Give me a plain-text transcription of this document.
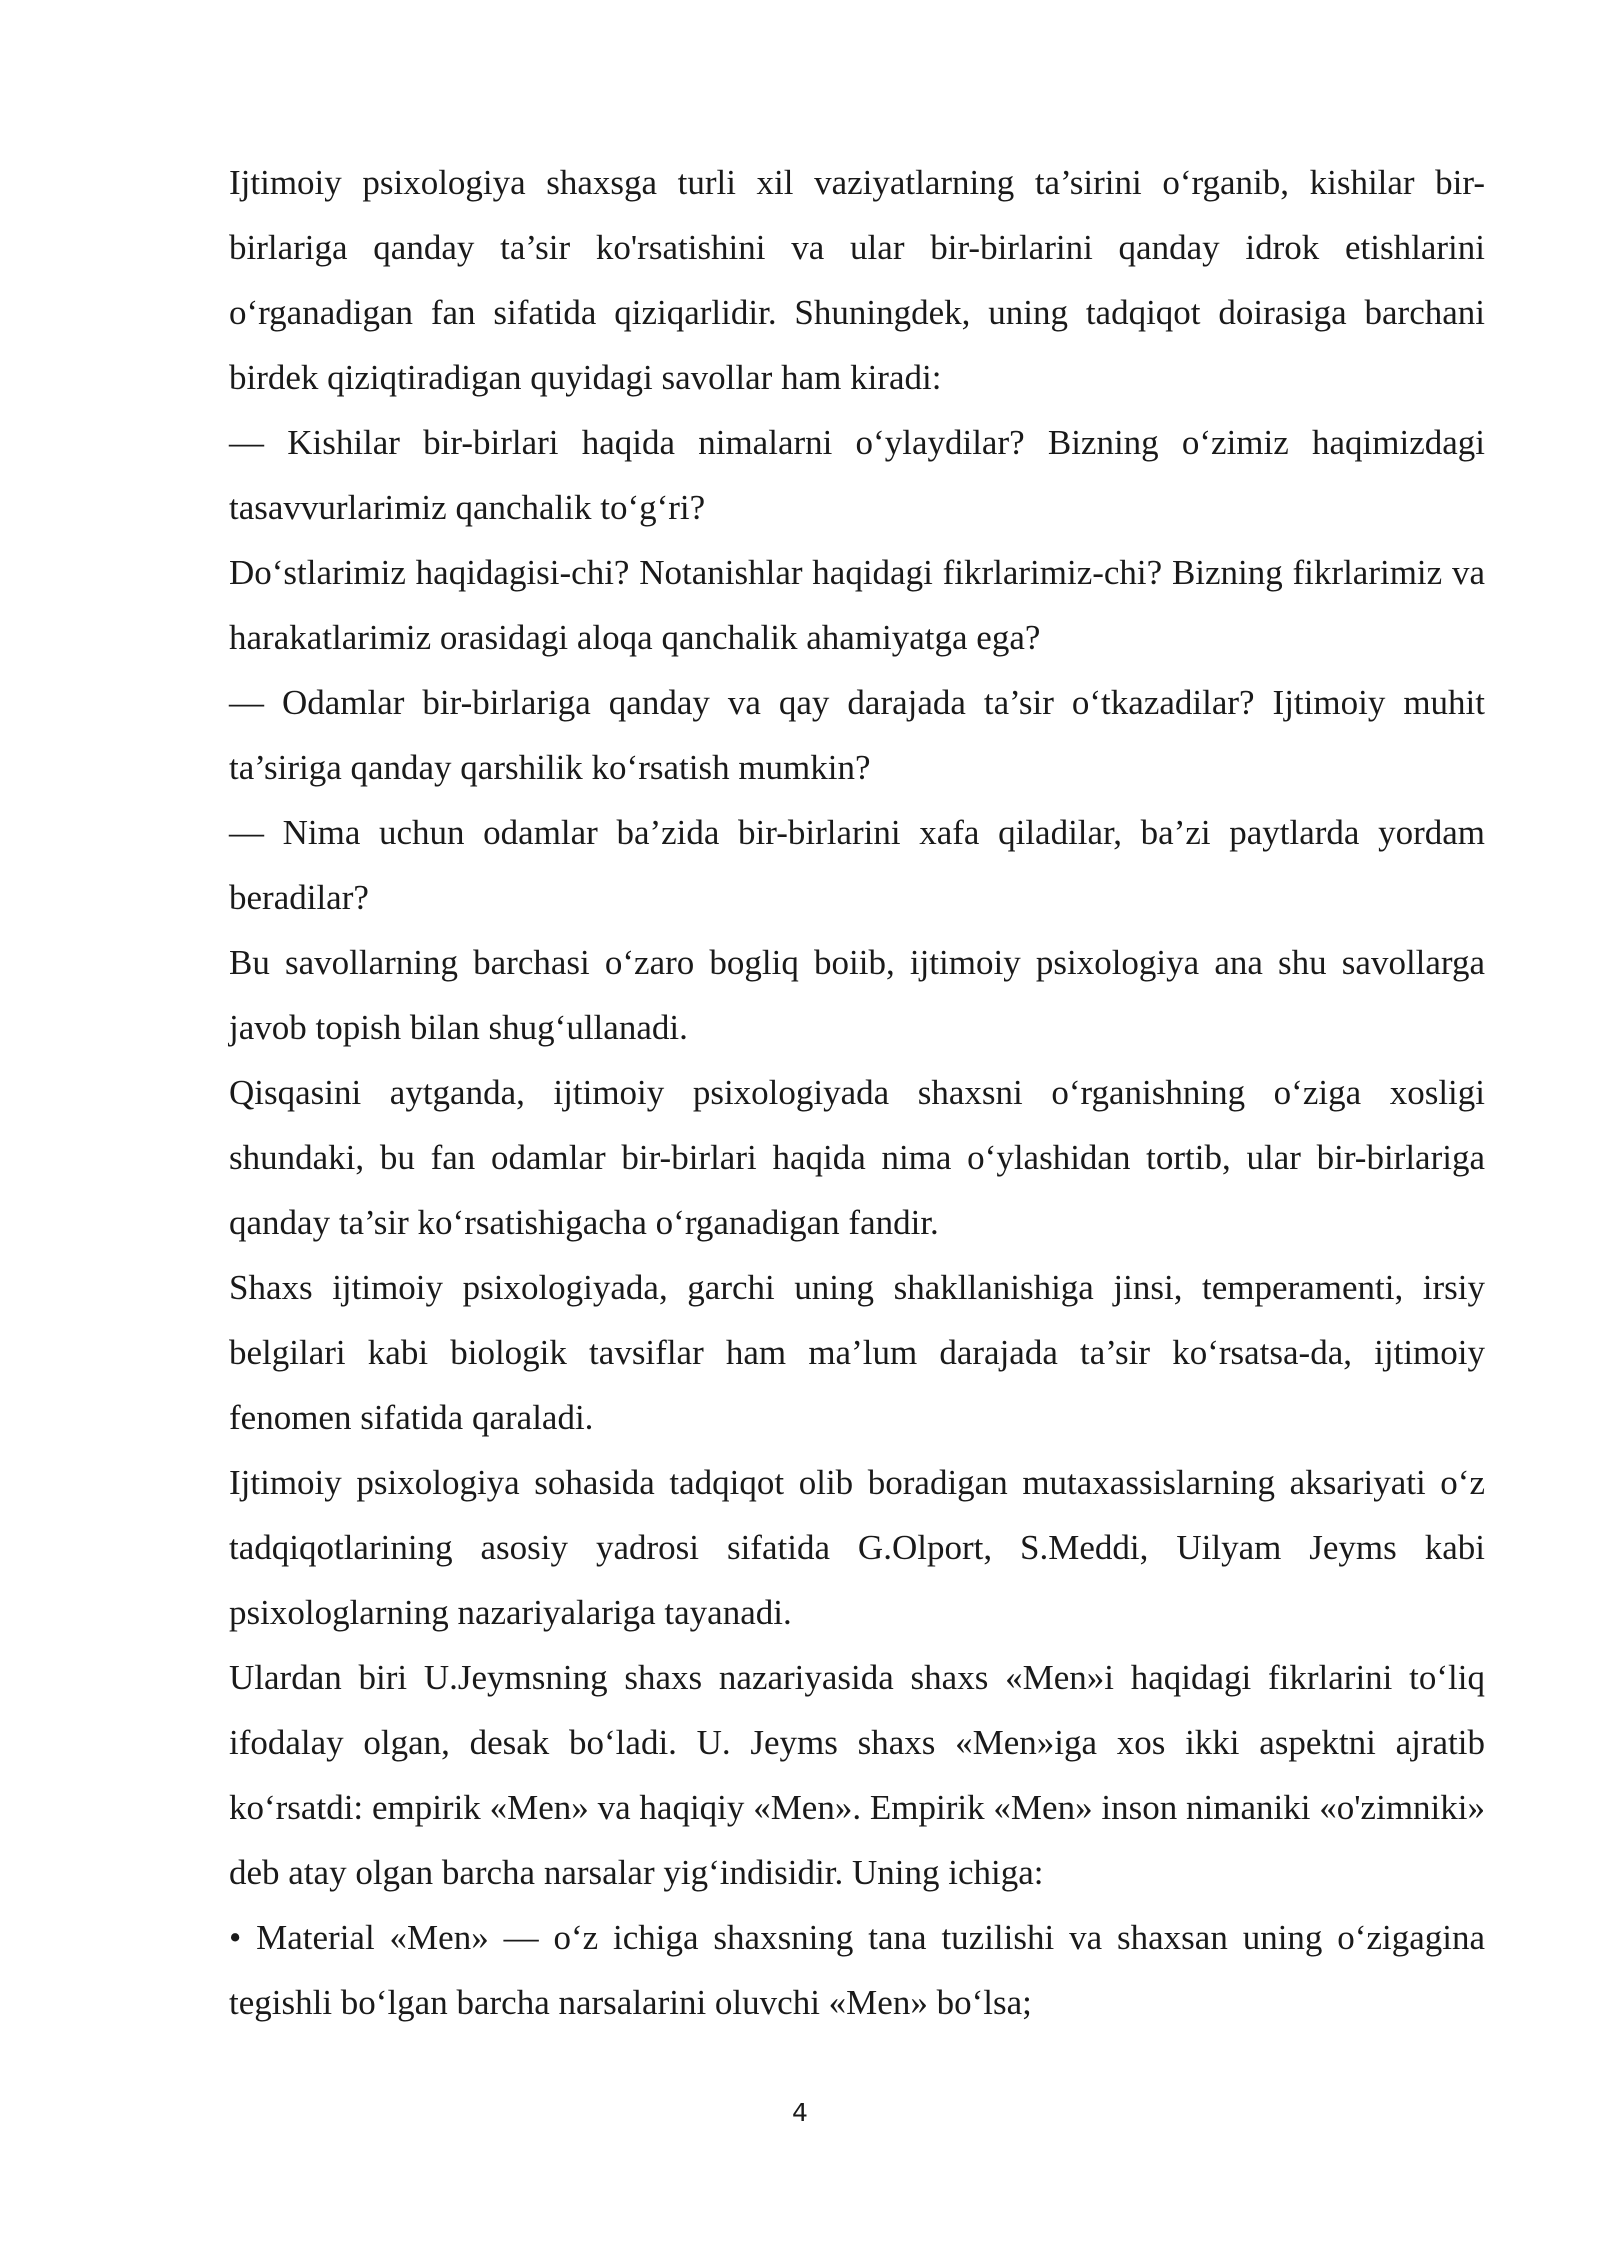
Ijtimoiy psixologiya shaxsga turli xil vaziyatlarning ta’sirini o‘rganib, kishilar bir-birlariga qanday ta’sir ko'rsatishini va ular bir-birlarini qanday idrok etishlarini o‘rganadigan fan sifatida qiziqarlidir. Shuningdek, uning tadqiqot doirasiga barchani birdek qiziqtiradigan quyidagi savollar ham kiradi:

— Kishilar bir-birlari haqida nimalarni o‘ylaydilar? Bizning o‘zimiz haqimizdagi tasavvurlarimiz qanchalik to‘g‘ri?

Do‘stlarimiz haqidagisi-chi? Notanishlar haqidagi fikrlarimiz-chi? Bizning fikrlarimiz va harakatlarimiz orasidagi aloqa qanchalik ahamiyatga ega?

— Odamlar bir-birlariga qanday va qay darajada ta’sir o‘tkazadilar? Ijtimoiy muhit ta’siriga qanday qarshilik ko‘rsatish mumkin?

— Nima uchun odamlar ba’zida bir-birlarini xafa qiladilar, ba’zi paytlarda yordam beradilar?

Bu savollarning barchasi o‘zaro bogliq boiib, ijtimoiy psixologiya ana shu savollarga javob topish bilan shug‘ullanadi.

Qisqasini aytganda, ijtimoiy psixologiyada shaxsni o‘rganishning o‘ziga xosligi shundaki, bu fan odamlar bir-birlari haqida nima o‘ylashidan tortib, ular bir-birlariga qanday ta’sir ko‘rsatishigacha o‘rganadigan fandir.

Shaxs ijtimoiy psixologiyada, garchi uning shakllanishiga jinsi, temperamenti, irsiy belgilari kabi biologik tavsiflar ham ma’lum darajada ta’sir ko‘rsatsa-da, ijtimoiy fenomen sifatida qaraladi.

Ijtimoiy psixologiya sohasida tadqiqot olib boradigan mutaxassislarning aksariyati o‘z tadqiqotlarining asosiy yadrosi sifatida G.Olport, S.Meddi, Uilyam Jeyms kabi psixologlarning nazariyalariga tayanadi.

Ulardan biri U.Jeymsning shaxs nazariyasida shaxs «Men»i haqidagi fikrlarini to‘liq ifodalay olgan, desak bo‘ladi. U. Jeyms shaxs «Men»iga xos ikki aspektni ajratib ko‘rsatdi: empirik «Men» va haqiqiy «Men». Empirik «Men» inson nimaniki «o'zimniki» deb atay olgan barcha narsalar yig‘indisidir. Uning ichiga:

• Material «Men» — o‘z ichiga shaxsning tana tuzilishi va shaxsan uning o‘zigagina tegishli bo‘lgan barcha narsalarini oluvchi «Men» bo‘lsa;

4
